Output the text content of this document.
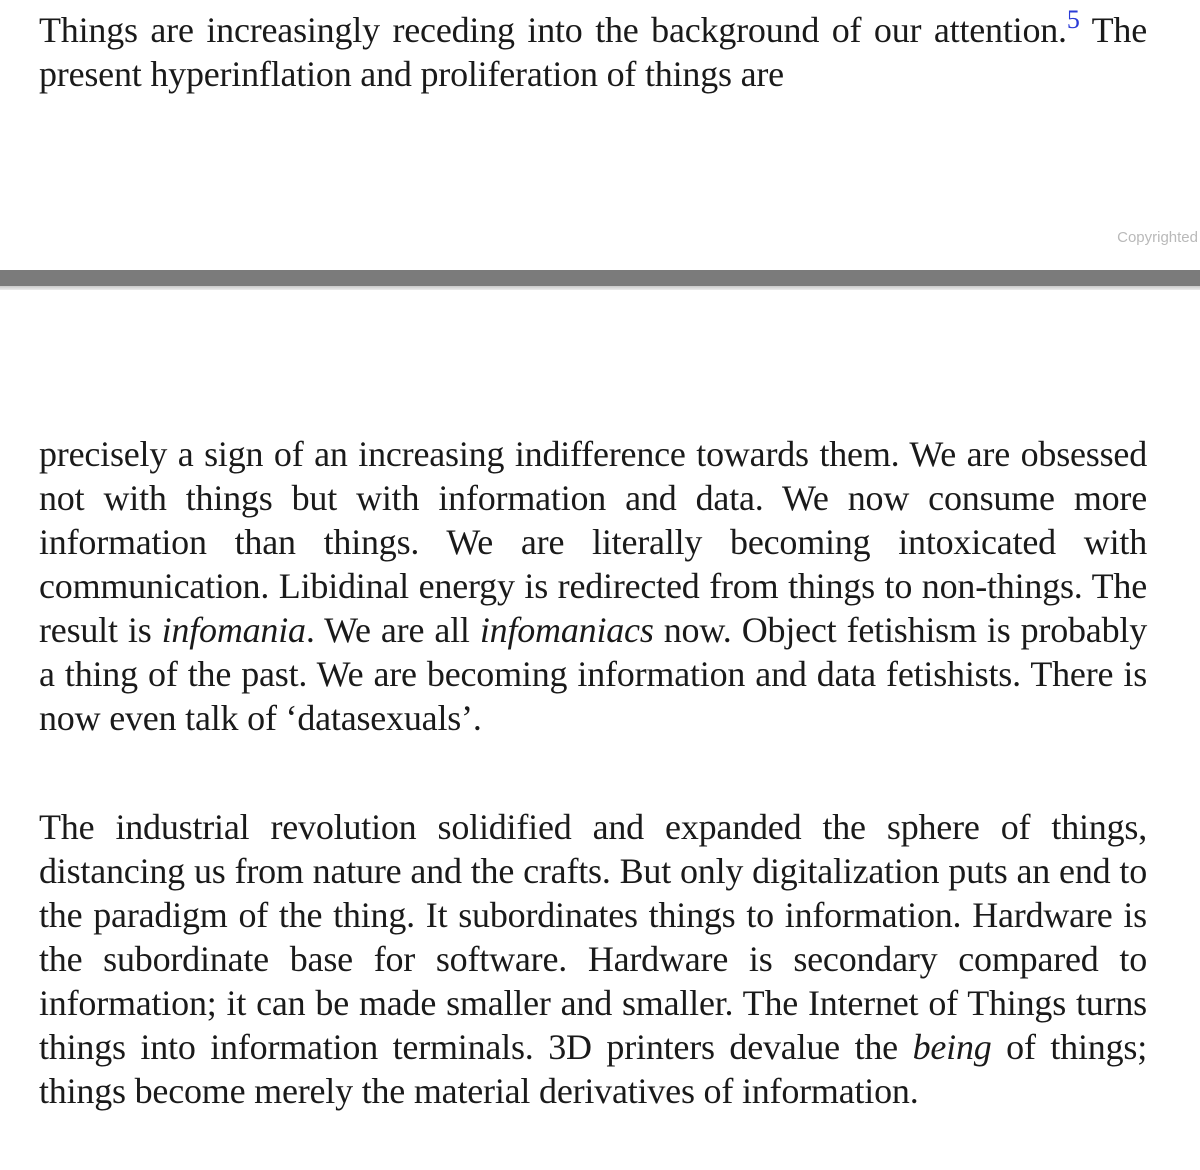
Things are increasingly receding into the background of our attention.$^5$ The present hyperinflation and proliferation of things are

Copyrighted

precisely a sign of an increasing indifference towards them. We are obsessed not with things but with information and data. We now consume more information than things. We are literally becoming intoxicated with communication. Libidinal energy is redirected from things to non-things. The result is infomania. We are all infomaniacs now. Object fetishism is probably a thing of the past. We are becoming information and data fetishists. There is now even talk of ‘datasexuals’.

The industrial revolution solidified and expanded the sphere of things, distancing us from nature and the crafts. But only digitalization puts an end to the paradigm of the thing. It subordinates things to information. Hardware is the subordinate base for software. Hardware is secondary compared to information; it can be made smaller and smaller. The Internet of Things turns things into information terminals. 3D printers devalue the being of things; things become merely the material derivatives of information.
